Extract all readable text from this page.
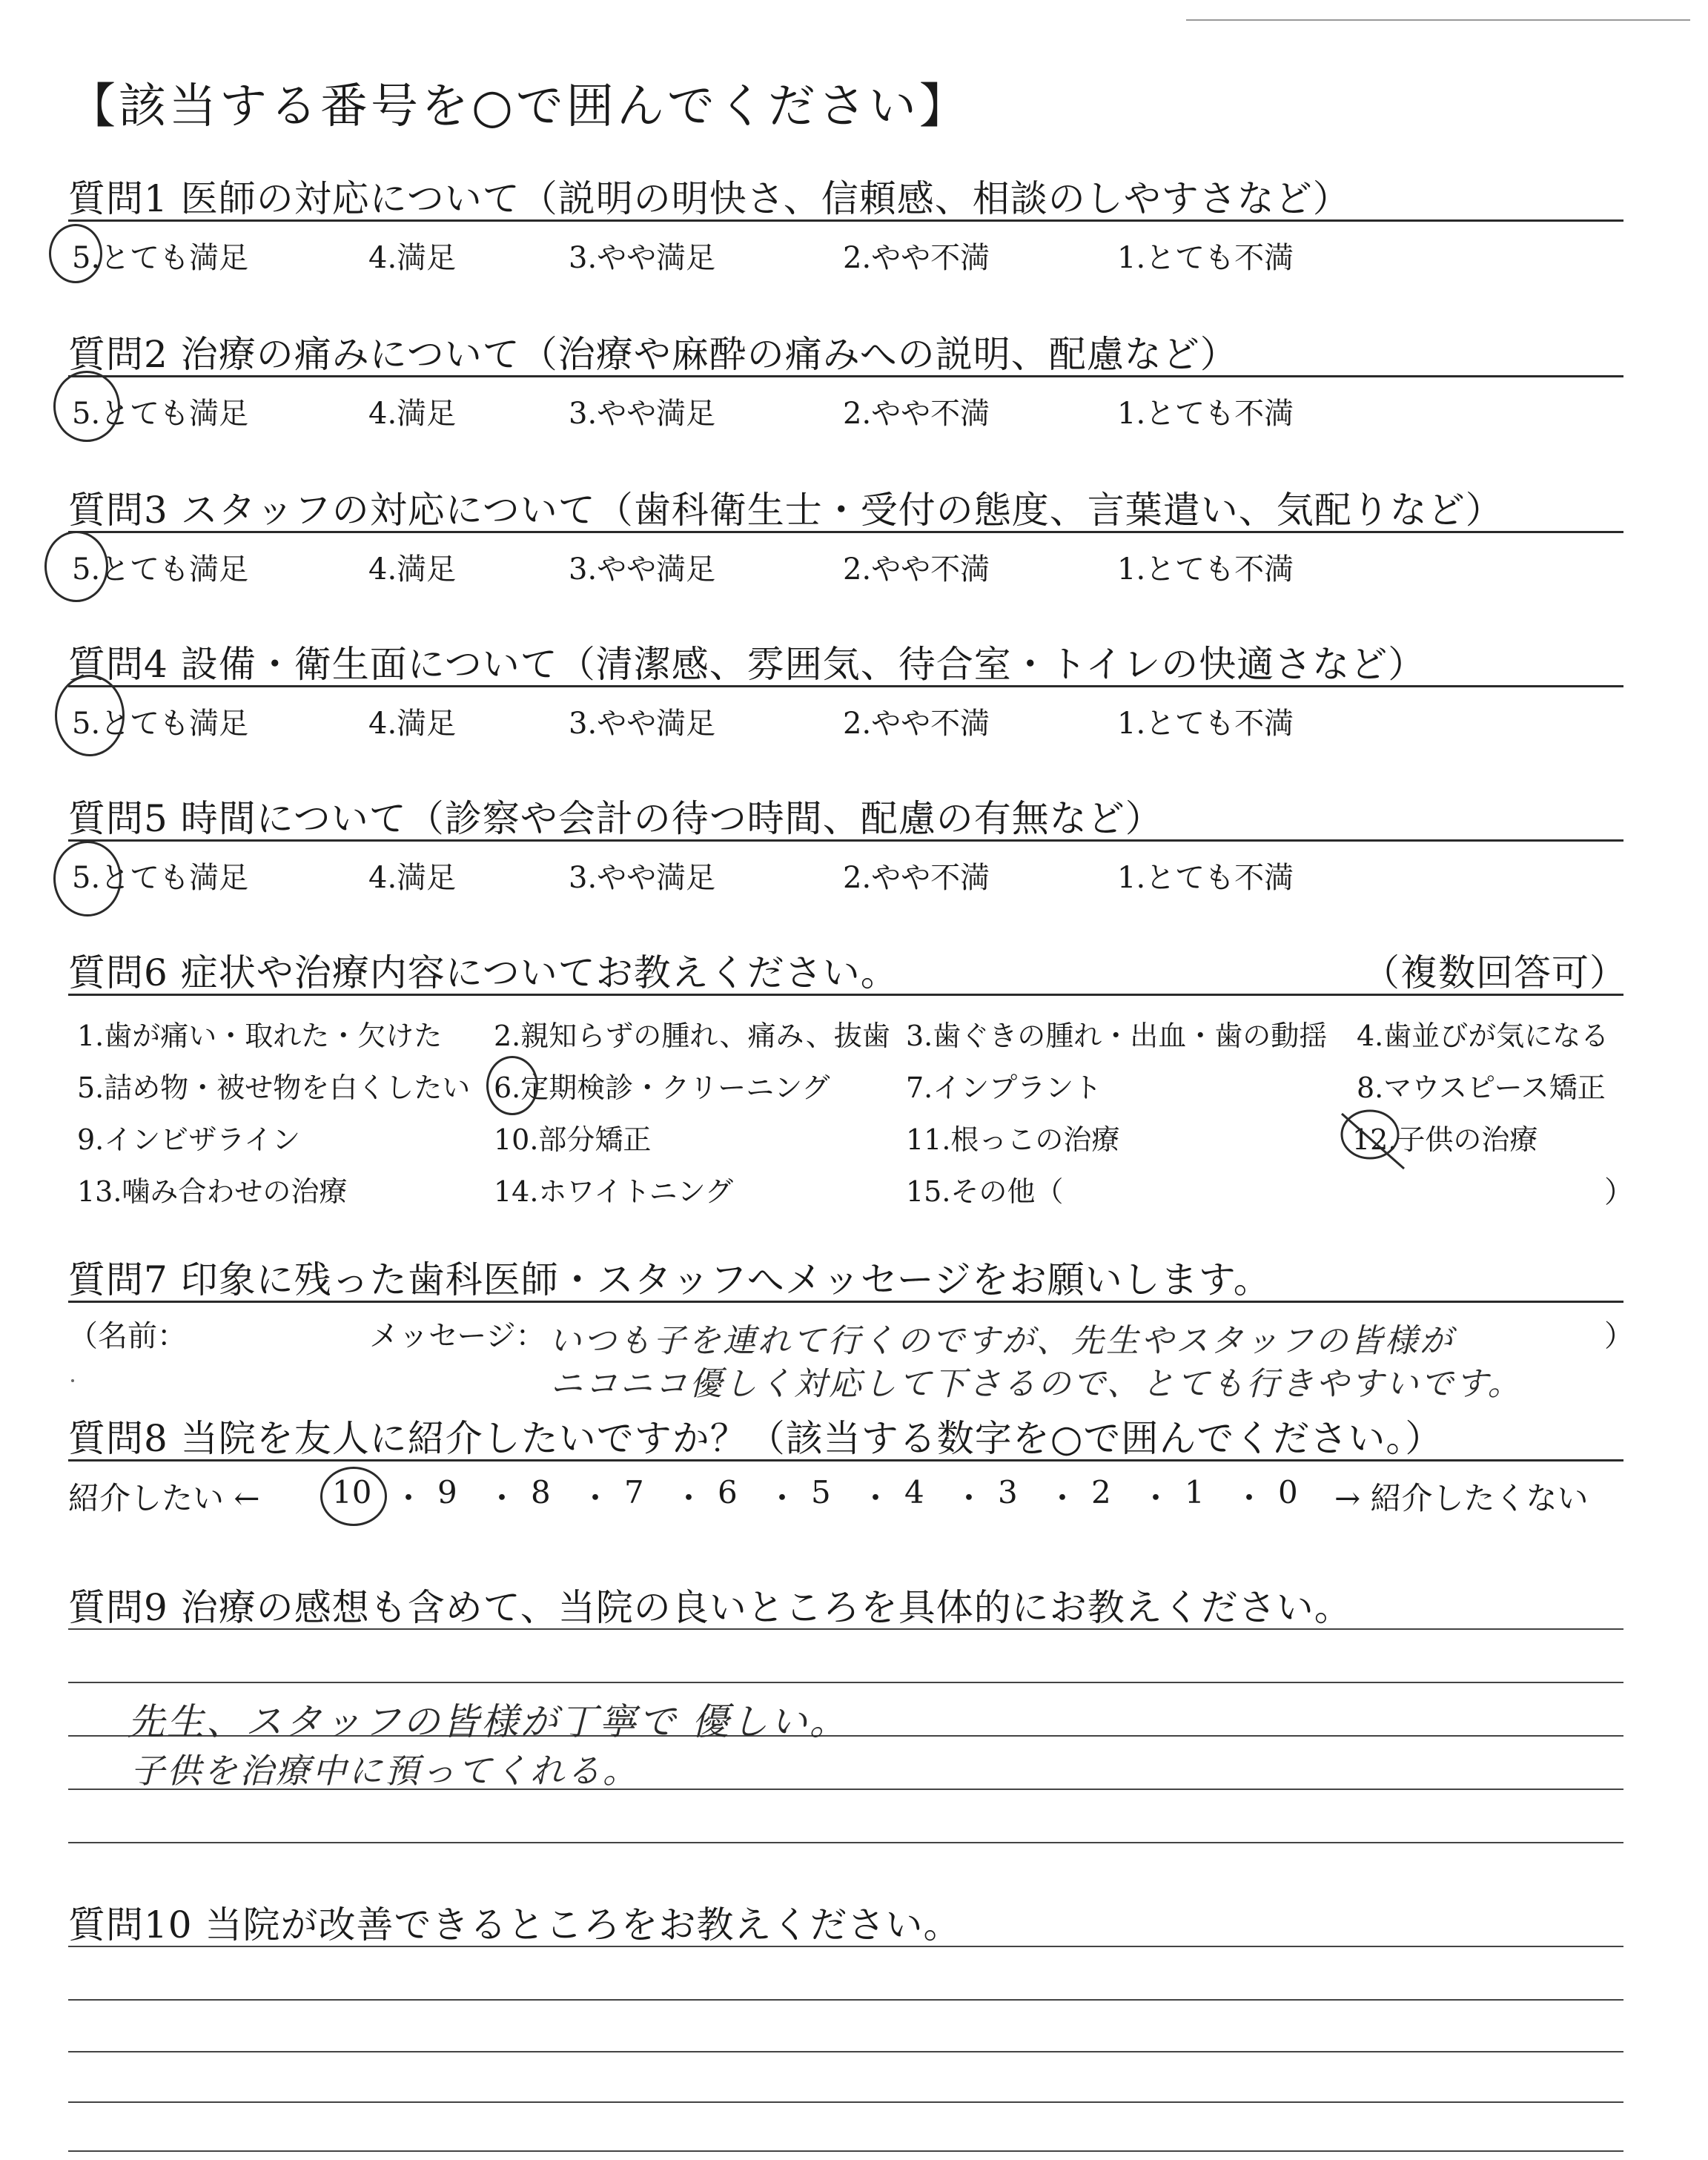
【該当する番号を○で囲んでください】
質問1 医師の対応について（説明の明快さ、信頼感、相談のしやすさなど）
5.とても満足	4.満足	3.やや満足	2.やや不満	1.とても不満
質問2 治療の痛みについて（治療や麻酔の痛みへの説明、配慮など）
5.とても満足	4.満足	3.やや満足	2.やや不満	1.とても不満
質問3 スタッフの対応について（歯科衛生士・受付の態度、言葉遣い、気配りなど）
5.とても満足	4.満足	3.やや満足	2.やや不満	1.とても不満
質問4 設備・衛生面について（清潔感、雰囲気、待合室・トイレの快適さなど）
5.とても満足	4.満足	3.やや満足	2.やや不満	1.とても不満
質問5 時間について（診察や会計の待つ時間、配慮の有無など）
5.とても満足	4.満足	3.やや満足	2.やや不満	1.とても不満
質問6 症状や治療内容についてお教えください。	（複数回答可）
1.歯が痛い・取れた・欠けた 2.親知らずの腫れ、痛み、抜歯 3.歯ぐきの腫れ・出血・歯の動揺 4.歯並びが気になる
5.詰め物・被せ物を白くしたい 6.定期検診・クリーニング	7.インプラント	8.マウスピース矯正
9.インビザライン	10.部分矯正	11.根っこの治療	12.子供の治療
13.噛み合わせの治療	14.ホワイトニング	15.その他（	）
質問7 印象に残った歯科医師・スタッフへメッセージをお願いします。
（名前：	メッセージ： いつも子を連れて行くのですが、先生やスタッフの皆様が
ニコニコ優しく対応して下さるので、とても行きやすいです。
）
質問8 当院を友人に紹介したいですか？（該当する数字を○で囲んでください。）
紹介したい ← 10 ・ 9 ・ 8 ・ 7 ・ 6 ・ 5 ・ 4 ・ 3 ・ 2 ・ 1 ・ 0 → 紹介したくない
質問9 治療の感想も含めて、当院の良いところを具体的にお教えください。
先生、スタッフの皆様が丁寧で 優しい。
子供を治療中に預ってくれる。
質問10 当院が改善できるところをお教えください。
